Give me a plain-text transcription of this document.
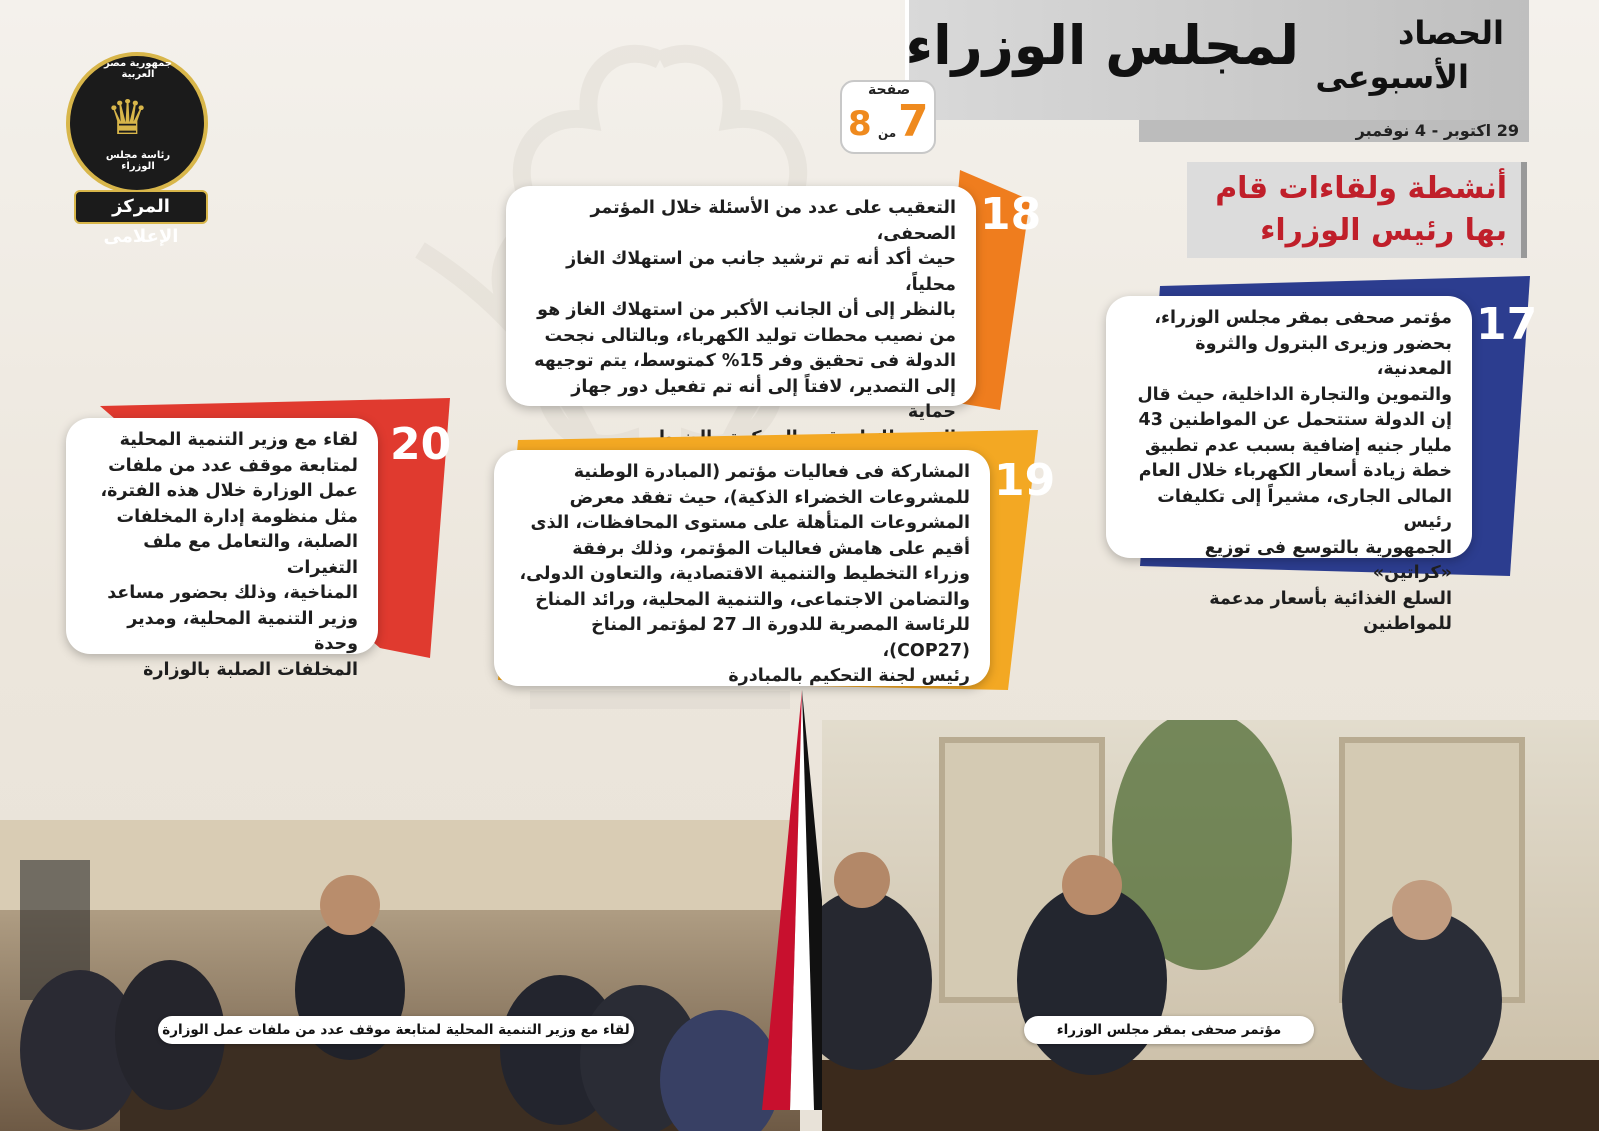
لمجلس الوزراء	الحصاد
الأسبوعى
29 اكتوبر - 4 نوفمبر
صفحة
7
من
8
جمهورية مصر العربية
♛
رئاسة مجلس الوزراء
المركز الإعلامى
أنشطة ولقاءات قام
بها رئيس الوزراء
17
مؤتمر صحفى بمقر مجلس الوزراء،
بحضور وزيرى البترول والثروة المعدنية،
والتموين والتجارة الداخلية، حيث قال
إن الدولة ستتحمل عن المواطنين 43
مليار جنيه إضافية بسبب عدم تطبيق
خطة زيادة أسعار الكهرباء خلال العام
المالى الجارى، مشيراً إلى تكليفات رئيس
الجمهورية بالتوسع فى توزيع «كراتين»
السلع الغذائية بأسعار مدعمة للمواطنين
18
التعقيب على عدد من الأسئلة خلال المؤتمر الصحفى،
حيث أكد أنه تم ترشيد جانب من استهلاك الغاز محلياً،
بالنظر إلى أن الجانب الأكبر من استهلاك الغاز هو
من نصيب محطات توليد الكهرباء، وبالتالى نجحت
الدولة فى تحقيق وفر 15% كمتوسط، يتم توجيهه
إلى التصدير، لافتاً إلى أنه تم تفعيل دور جهاز حماية
20
لقاء مع وزير التنمية المحلية
لمتابعة موقف عدد من ملفات
عمل الوزارة خلال هذه الفترة،
مثل منظومة إدارة المخلفات
الصلبة، والتعامل مع ملف التغيرات
المناخية، وذلك بحضور مساعد
وزير التنمية المحلية، ومدير وحدة
المخلفات الصلبة بالوزارة
19
المشاركة فى فعاليات مؤتمر (المبادرة الوطنية
للمشروعات الخضراء الذكية)، حيث تفقد معرض
المشروعات المتأهلة على مستوى المحافظات، الذى
أقيم على هامش فعاليات المؤتمر، وذلك برفقة
وزراء التخطيط والتنمية الاقتصادية، والتعاون الدولى،
والتضامن الاجتماعى، والتنمية المحلية، ورائد المناخ
للرئاسة المصرية للدورة الـ 27 لمؤتمر المناخ (COP27)،
رئيس لجنة التحكيم بالمبادرة
لقاء مع وزير التنمية المحلية لمتابعة موقف عدد من ملفات عمل الوزارة	مؤتمر صحفى بمقر مجلس الوزراء
